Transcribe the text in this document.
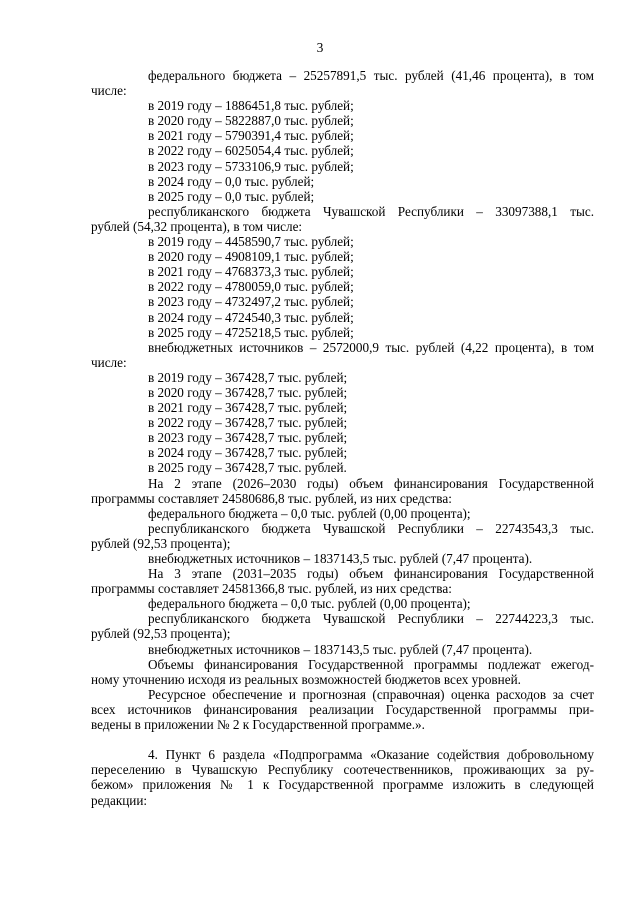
3
федерального бюджета – 25257891,5 тыс. рублей (41,46 процента), в том
числе:
в 2019 году – 1886451,8 тыс. рублей;
в 2020 году – 5822887,0 тыс. рублей;
в 2021 году – 5790391,4 тыс. рублей;
в 2022 году – 6025054,4 тыс. рублей;
в 2023 году – 5733106,9 тыс. рублей;
в 2024 году – 0,0 тыс. рублей;
в 2025 году – 0,0 тыс. рублей;
республиканского бюджета Чувашской Республики – 33097388,1 тыс.
рублей (54,32 процента), в том числе:
в 2019 году – 4458590,7 тыс. рублей;
в 2020 году – 4908109,1 тыс. рублей;
в 2021 году – 4768373,3 тыс. рублей;
в 2022 году – 4780059,0 тыс. рублей;
в 2023 году – 4732497,2 тыс. рублей;
в 2024 году – 4724540,3 тыс. рублей;
в 2025 году – 4725218,5 тыс. рублей;
внебюджетных источников – 2572000,9 тыс. рублей (4,22 процента), в том
числе:
в 2019 году – 367428,7 тыс. рублей;
в 2020 году – 367428,7 тыс. рублей;
в 2021 году – 367428,7 тыс. рублей;
в 2022 году – 367428,7 тыс. рублей;
в 2023 году – 367428,7 тыс. рублей;
в 2024 году – 367428,7 тыс. рублей;
в 2025 году – 367428,7 тыс. рублей.
На 2 этапе (2026–2030 годы) объем финансирования Государственной
программы составляет 24580686,8 тыс. рублей, из них средства:
федерального бюджета – 0,0 тыс. рублей (0,00 процента);
республиканского бюджета Чувашской Республики – 22743543,3 тыс.
рублей (92,53 процента);
внебюджетных источников – 1837143,5 тыс. рублей (7,47 процента).
На 3 этапе (2031–2035 годы) объем финансирования Государственной
программы составляет 24581366,8 тыс. рублей, из них средства:
федерального бюджета – 0,0 тыс. рублей (0,00 процента);
республиканского бюджета Чувашской Республики – 22744223,3 тыс.
рублей (92,53 процента);
внебюджетных источников – 1837143,5 тыс. рублей (7,47 процента).
Объемы финансирования Государственной программы подлежат ежегод-
ному уточнению исходя из реальных возможностей бюджетов всех уровней.
Ресурсное обеспечение и прогнозная (справочная) оценка расходов за счет
всех источников финансирования реализации Государственной программы при-
ведены в приложении № 2 к Государственной программе.».
4. Пункт 6 раздела «Подпрограмма «Оказание содействия добровольному
переселению в Чувашскую Республику соотечественников, проживающих за ру-
бежом» приложения № 1 к Государственной программе изложить в следующей
редакции:
